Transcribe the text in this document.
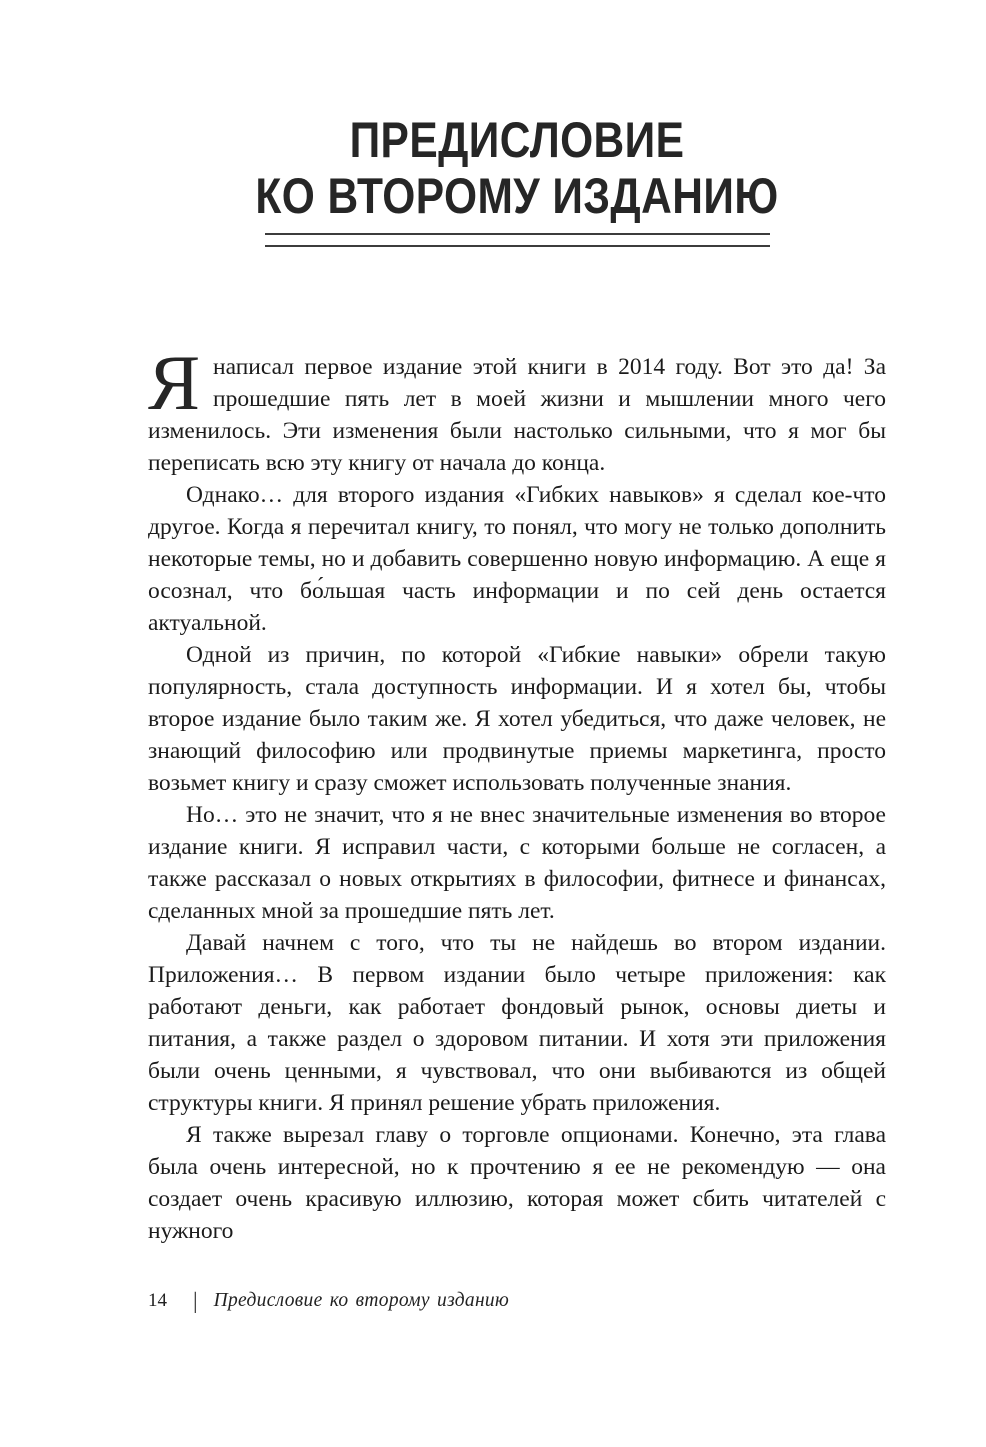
ПРЕДИСЛОВИЕ
КО ВТОРОМУ ИЗДАНИЮ

Я написал первое издание этой книги в 2014 году. Вот это да! За прошедшие пять лет в моей жизни и мышлении много чего изменилось. Эти изменения были настолько сильными, что я мог бы переписать всю эту книгу от начала до конца.

Однако… для второго издания «Гибких навыков» я сделал кое-что другое. Когда я перечитал книгу, то понял, что могу не только дополнить некоторые темы, но и добавить совершенно новую информацию. А еще я осознал, что бо́льшая часть информации и по сей день остается актуальной.

Одной из причин, по которой «Гибкие навыки» обрели такую популярность, стала доступность информации. И я хотел бы, чтобы второе издание было таким же. Я хотел убедиться, что даже человек, не знающий философию или продвинутые приемы маркетинга, просто возьмет книгу и сразу сможет использовать полученные знания.

Но… это не значит, что я не внес значительные изменения во второе издание книги. Я исправил части, с которыми больше не согласен, а также рассказал о новых открытиях в философии, фитнесе и финансах, сделанных мной за прошедшие пять лет.

Давай начнем с того, что ты не найдешь во втором издании. Приложения… В первом издании было четыре приложения: как работают деньги, как работает фондовый рынок, основы диеты и питания, а также раздел о здоровом питании. И хотя эти приложения были очень ценными, я чувствовал, что они выбиваются из общей структуры книги. Я принял решение убрать приложения.

Я также вырезал главу о торговле опционами. Конечно, эта глава была очень интересной, но к прочтению я ее не рекомендую — она создает очень красивую иллюзию, которая может сбить читателей с нужного

14	| Предисловие ко второму изданию
